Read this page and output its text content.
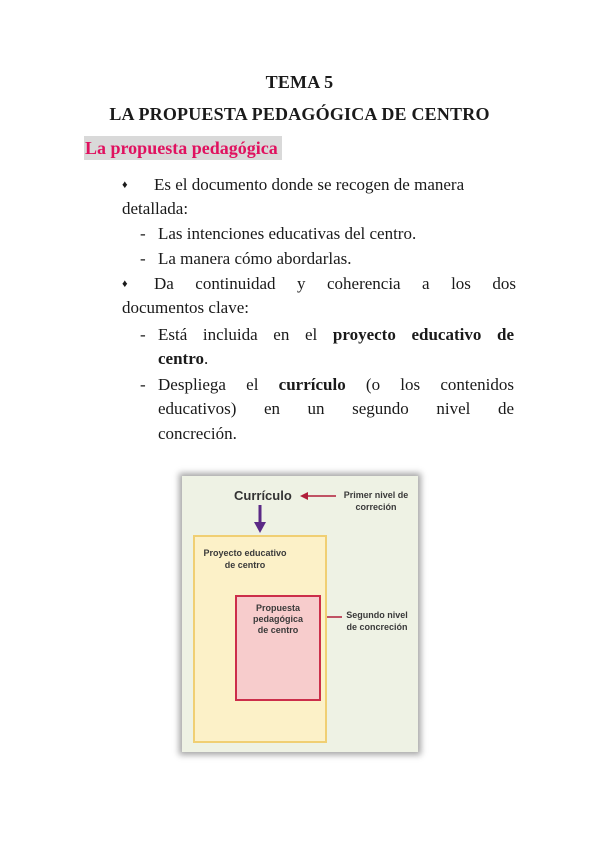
TEMA 5
LA PROPUESTA PEDAGÓGICA DE CENTRO
La propuesta pedagógica
♦ Es el documento donde se recogen de manera
detallada:
- Las intenciones educativas del centro.
- La manera cómo abordarlas.
♦ Da continuidad y coherencia a los dos
documentos clave:
- Está incluida en el proyecto educativo de
centro.
- Despliega el currículo (o los contenidos
educativos) en un segundo nivel de
concreción.
Currículo	Primer nivel de
correción
Proyecto educativo
de centro
Propuesta
pedagógica
de centro
Segundo nivel
de concreción
